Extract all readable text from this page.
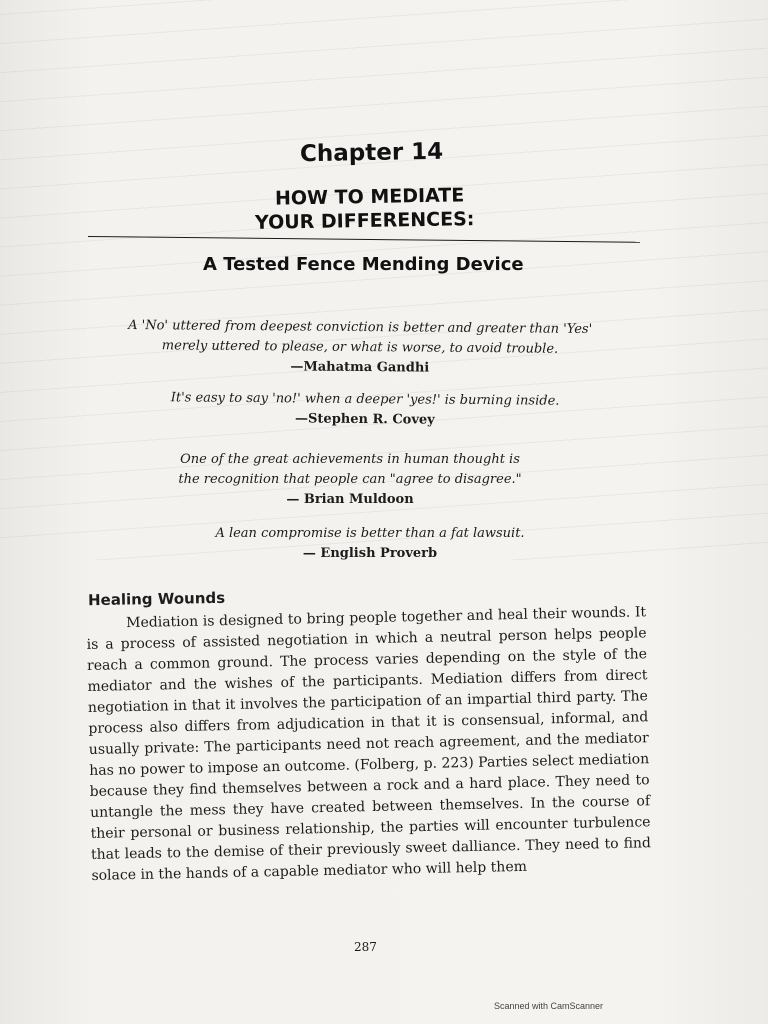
Chapter 14
HOW TO MEDIATE
YOUR DIFFERENCES:
A Tested Fence Mending Device
A 'No' uttered from deepest conviction is better and greater than 'Yes'
merely uttered to please, or what is worse, to avoid trouble.
—Mahatma Gandhi
It's easy to say 'no!' when a deeper 'yes!' is burning inside.
—Stephen R. Covey
One of the great achievements in human thought is
the recognition that people can "agree to disagree."
— Brian Muldoon
A lean compromise is better than a fat lawsuit.
— English Proverb
Healing Wounds

Mediation is designed to bring people together and heal their wounds. It is a process of assisted negotiation in which a neutral person helps people reach a common ground. The process varies depending on the style of the mediator and the wishes of the participants. Mediation differs from direct negotiation in that it involves the participation of an impartial third party. The process also differs from adjudication in that it is consensual, informal, and usually private: The participants need not reach agreement, and the mediator has no power to impose an outcome. (Folberg, p. 223) Parties select mediation because they find themselves between a rock and a hard place. They need to untangle the mess they have created between themselves. In the course of their personal or business relationship, the parties will encounter turbulence that leads to the demise of their previously sweet dalliance. They need to find solace in the hands of a capable mediator who will help them

287
Scanned with CamScanner
